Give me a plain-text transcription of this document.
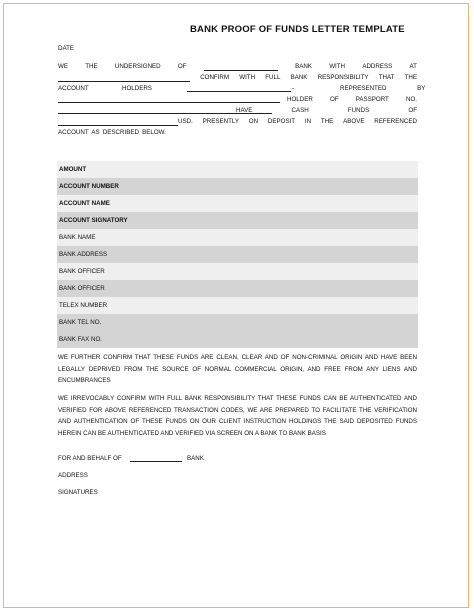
BANK PROOF OF FUNDS LETTER TEMPLATE
DATE
WE	THE	UNDERSIGNED	OF	BANK	WITH	ADDRESS	AT
CONFIRM WITH FULL BANK RESPONSIBILITY THAT THE
ACCOUNT	HOLDERS	-	REPRESENTED BY
HOLDER	OF	PASSPORT	NO.
HAVE	CASH	FUNDS	OF
USD. PRESENTLY ON DEPOSIT IN THE ABOVE REFERENCED
ACCOUNT AS DESCRIBED BELOW.
AMOUNT
ACCOUNT NUMBER
ACCOUNT NAME
ACCOUNT SIGNATORY
BANK NAME
BANK ADDRESS
BANK OFFICER
BANK OFFICER
TELEX NUMBER
BANK TEL NO.
BANK FAX NO.
WE FURTHER CONFIRM THAT THESE FUNDS ARE CLEAN, CLEAR AND OF NON-CRIMINAL ORIGIN AND HAVE BEEN LEGALLY DEPRIVED FROM THE SOURCE OF NORMAL COMMERCIAL ORIGIN, AND FREE FROM ANY LIENS AND ENCUMBRANCES
WE IRREVOCABLY CONFIRM WITH FULL BANK RESPONSIBILITY THAT THESE FUNDS CAN BE AUTHENTICATED AND VERIFIED FOR ABOVE REFERENCED TRANSACTION CODES, WE ARE PREPARED TO FACILITATE THE VERIFICATION AND AUTHENTICATION OF THESE FUNDS ON OUR CLIENT INSTRUCTION HOLDINGS THE SAID DEPOSITED FUNDS HEREIN CAN BE AUTHENTICATED AND VERIFIED VIA SCREEN ON A BANK TO BANK BASIS
FOR AND BEHALF OF	BANK
ADDRESS
SIGNATURES
